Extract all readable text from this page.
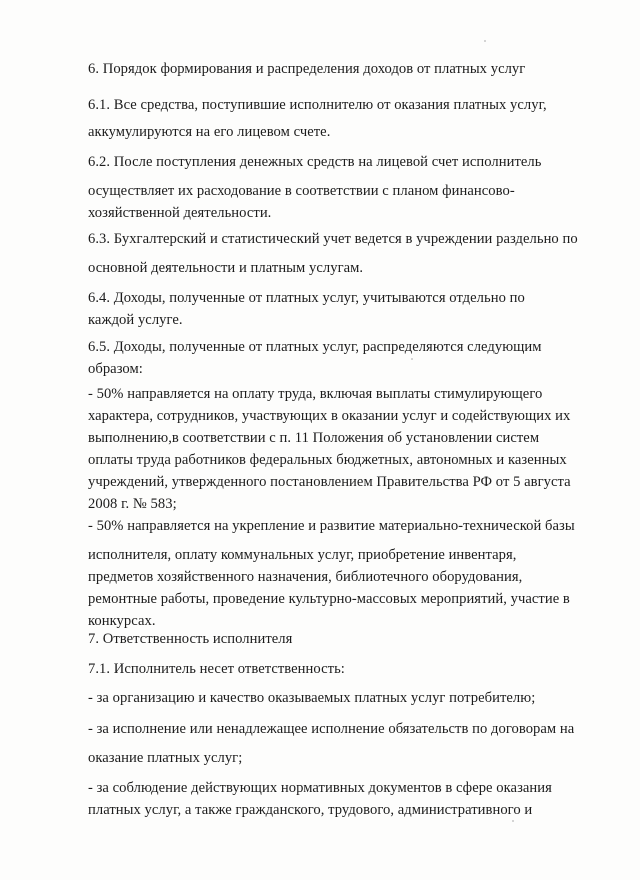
6. Порядок формирования и распределения доходов от платных услуг

6.1. Все средства, поступившие исполнителю от оказания платных услуг,

аккумулируются на его лицевом счете.

6.2. После поступления денежных средств на лицевой счет исполнитель

осуществляет их расходование в соответствии с планом финансово-
хозяйственной деятельности.

6.3. Бухгалтерский и статистический учет ведется в учреждении раздельно по

основной деятельности и платным услугам.

6.4. Доходы, полученные от платных услуг, учитываются отдельно по
каждой услуге.

6.5. Доходы, полученные от платных услуг, распределяются следующим
образом:

- 50% направляется на оплату труда, включая выплаты стимулирующего
характера, сотрудников, участвующих в оказании услуг и содействующих их
выполнению,в соответствии с п. 11 Положения об установлении систем
оплаты труда работников федеральных бюджетных, автономных и казенных
учреждений, утвержденного постановлением Правительства РФ от 5 августа
2008 г. № 583;

- 50% направляется на укрепление и развитие материально-технической базы

исполнителя, оплату коммунальных услуг, приобретение инвентаря,
предметов хозяйственного назначения, библиотечного оборудования,
ремонтные работы, проведение культурно-массовых мероприятий, участие в
конкурсах.

7. Ответственность исполнителя

7.1. Исполнитель несет ответственность:

- за организацию и качество оказываемых платных услуг потребителю;

- за исполнение или ненадлежащее исполнение обязательств по договорам на

оказание платных услуг;

- за соблюдение действующих нормативных документов в сфере оказания
платных услуг, а также гражданского, трудового, административного и
